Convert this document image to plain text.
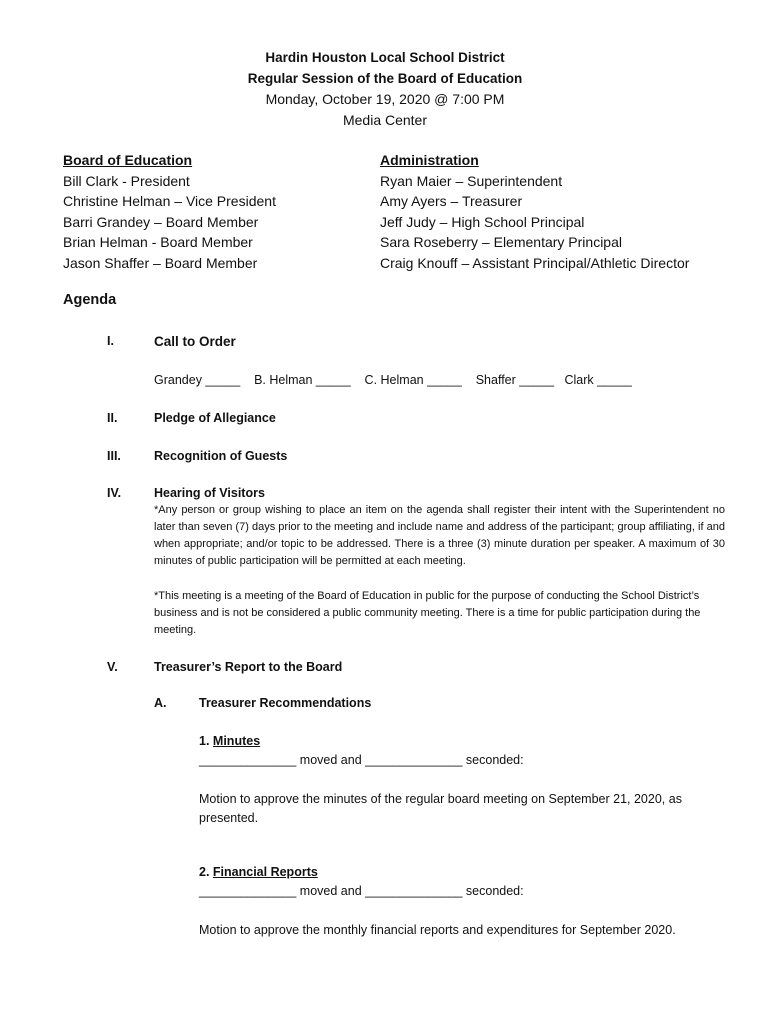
Hardin Houston Local School District
Regular Session of the Board of Education
Monday, October 19, 2020 @ 7:00 PM
Media Center
Board of Education
Bill Clark - President
Christine Helman – Vice President
Barri Grandey – Board Member
Brian Helman - Board Member
Jason Shaffer – Board Member
Administration
Ryan Maier – Superintendent
Amy Ayers – Treasurer
Jeff Judy – High School Principal
Sara Roseberry – Elementary Principal
Craig Knouff – Assistant Principal/Athletic Director
Agenda
I.	Call to Order
Grandey _____    B. Helman _____    C. Helman _____    Shaffer _____   Clark _____
II.	Pledge of Allegiance
III.	Recognition of Guests
IV.	Hearing of Visitors
*Any person or group wishing to place an item on the agenda shall register their intent with the Superintendent no later than seven (7) days prior to the meeting and include name and address of the participant; group affiliating, if and when appropriate; and/or topic to be addressed. There is a three (3) minute duration per speaker. A maximum of 30 minutes of public participation will be permitted at each meeting.
*This meeting is a meeting of the Board of Education in public for the purpose of conducting the School District’s business and is not be considered a public community meeting. There is a time for public participation during the meeting.
V.	Treasurer’s Report to the Board
A.	Treasurer Recommendations
1. Minutes
______________ moved and ______________ seconded:
Motion to approve the minutes of the regular board meeting on September 21, 2020, as presented.
2. Financial Reports
______________ moved and ______________ seconded:
Motion to approve the monthly financial reports and expenditures for September 2020.
